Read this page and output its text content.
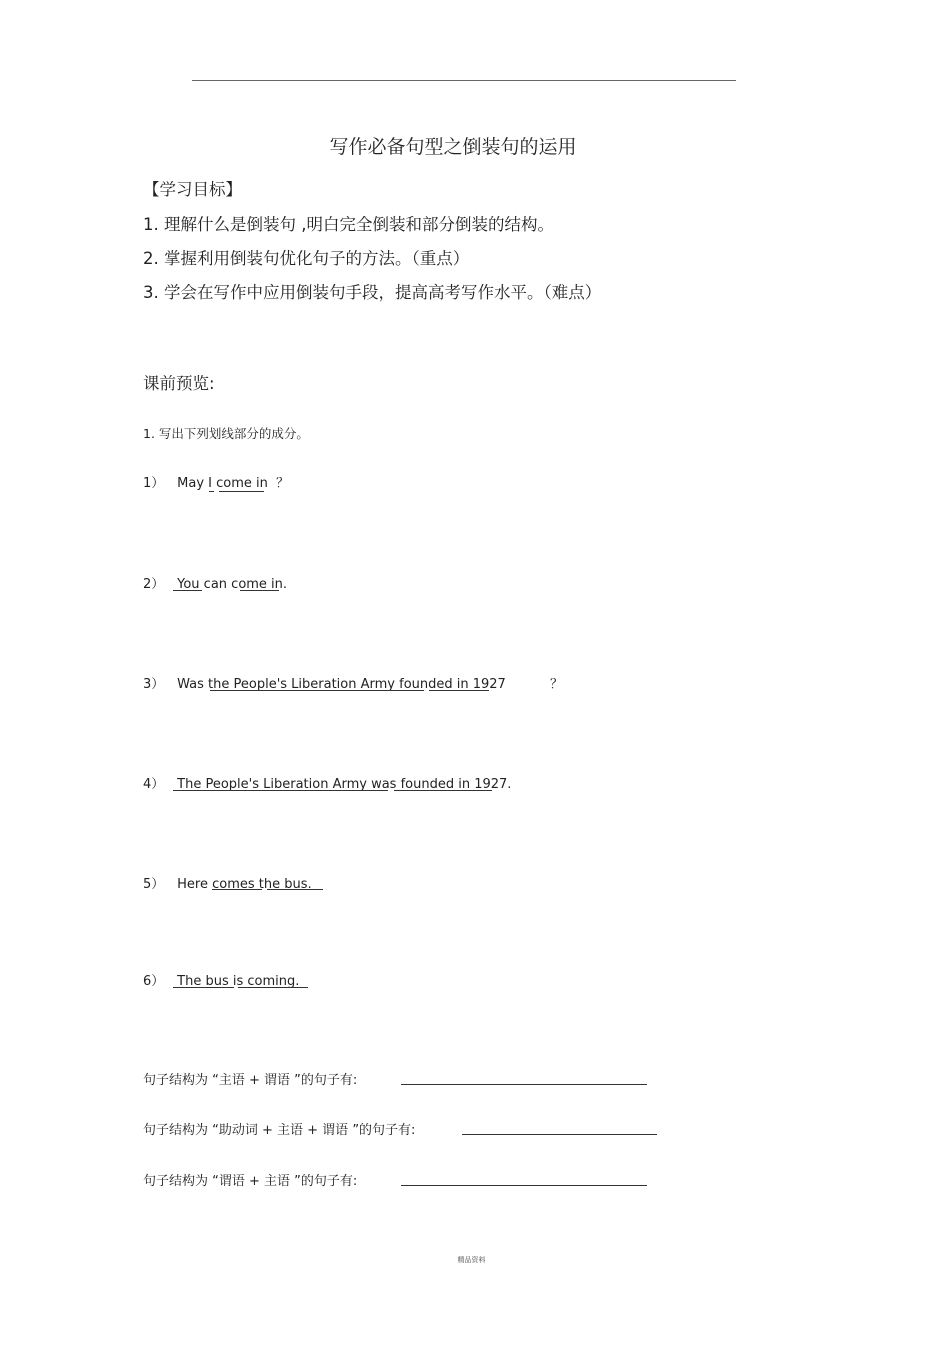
写作必备句型之倒装句的运用
【学习目标】
1. 理解什么是倒装句 ,明白完全倒装和部分倒装的结构。
2. 掌握利用倒装句优化句子的方法。（重点）
3. 学会在写作中应用倒装句手段，提高高考写作水平。（难点）
课前预览:
1. 写出下列划线部分的成分。
1） May I come in ？
2） You can come in.
3） Was the People's Liberation Army founded in 1927	？
4） The People's Liberation Army was founded in 1927.
5） Here comes the bus.
6） The bus is coming.
句子结构为 “主语 + 谓语 ”的句子有:
句子结构为 “助动词 + 主语 + 谓语 ”的句子有:
句子结构为 “谓语 + 主语 ”的句子有:
精品资料
